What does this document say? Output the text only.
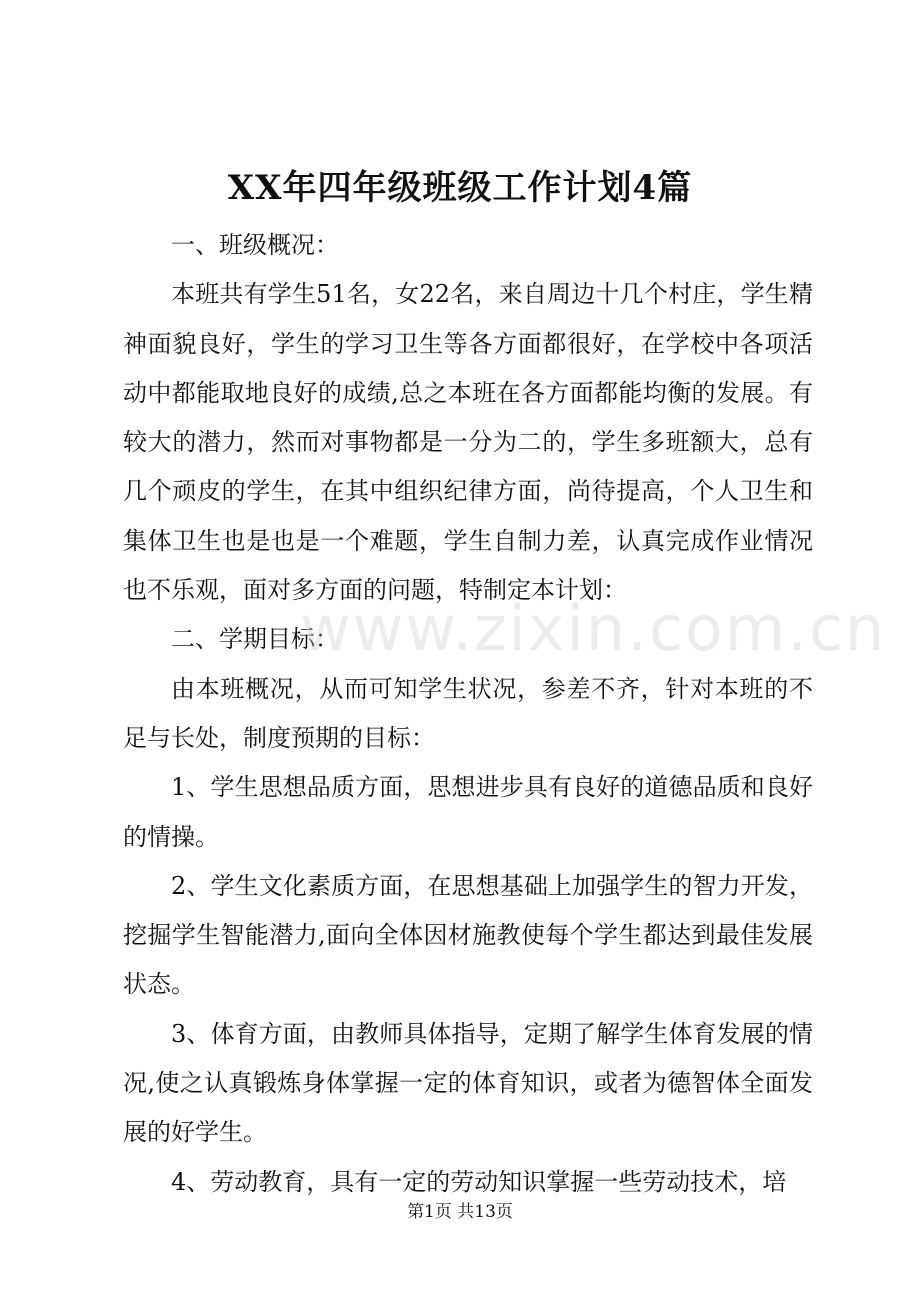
XX年四年级班级工作计划4篇

一、班级概况：

本班共有学生51名，女22名，来自周边十几个村庄，学生精神面貌良好，学生的学习卫生等各方面都很好，在学校中各项活动中都能取地良好的成绩,总之本班在各方面都能均衡的发展。有较大的潜力，然而对事物都是一分为二的，学生多班额大，总有几个顽皮的学生，在其中组织纪律方面，尚待提高，个人卫生和集体卫生也是也是一个难题，学生自制力差，认真完成作业情况也不乐观，面对多方面的问题，特制定本计划：

二、学期目标：

由本班概况，从而可知学生状况，参差不齐，针对本班的不足与长处，制度预期的目标：

1、学生思想品质方面，思想进步具有良好的道德品质和良好的情操。

2、学生文化素质方面，在思想基础上加强学生的智力开发，挖掘学生智能潜力,面向全体因材施教使每个学生都达到最佳发展状态。

3、体育方面，由教师具体指导，定期了解学生体育发展的情况,使之认真锻炼身体掌握一定的体育知识，或者为德智体全面发展的好学生。

4、劳动教育，具有一定的劳动知识掌握一些劳动技术，培

www.zixin.com.cn
第1页 共13页
